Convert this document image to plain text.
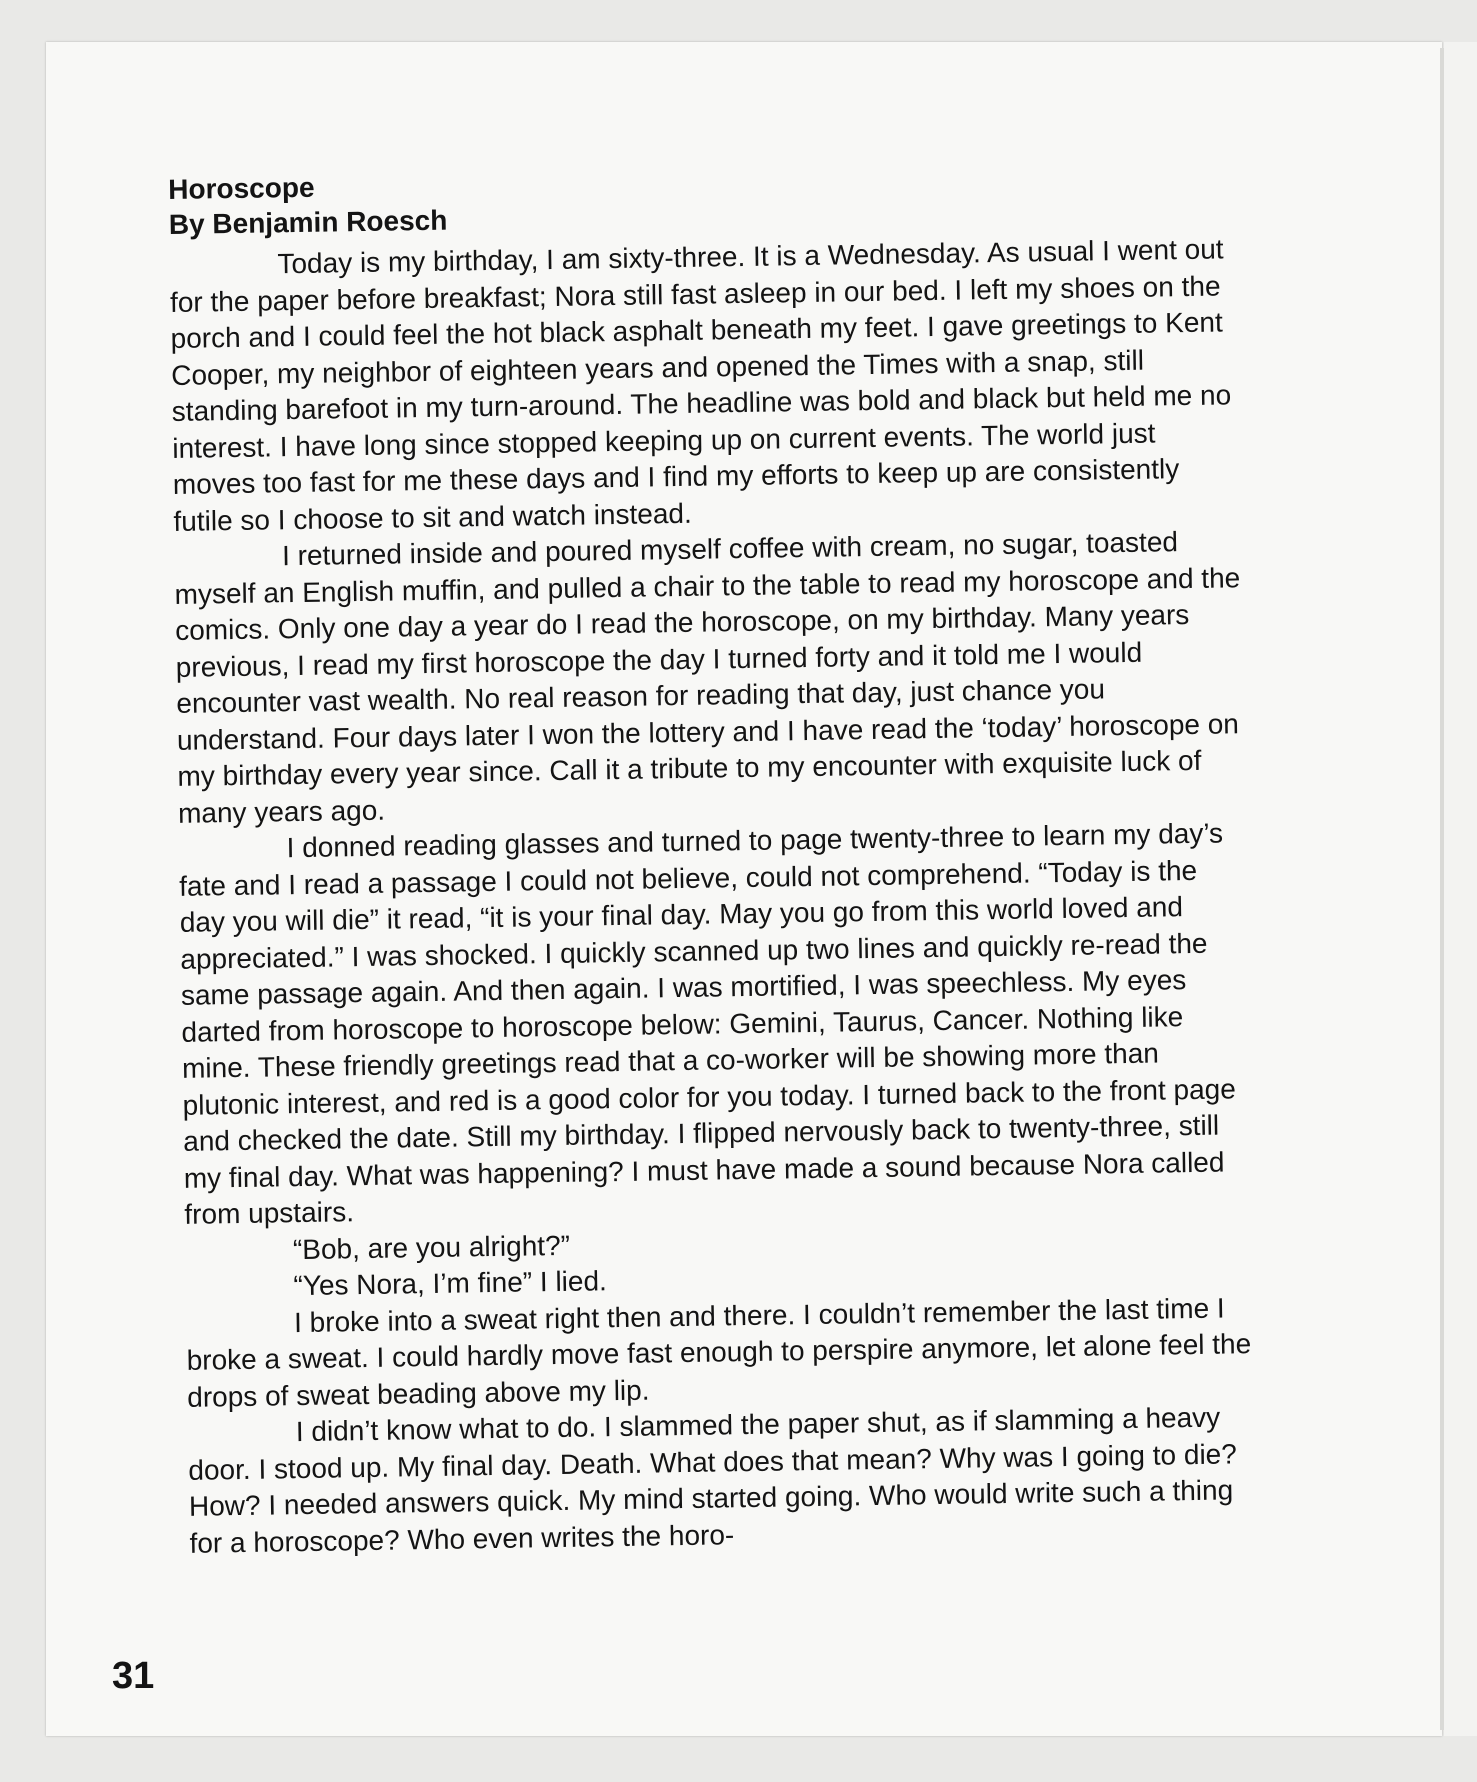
Horoscope
By Benjamin Roesch

Today is my birthday, I am sixty-three. It is a Wednesday. As usual I went out for the paper before breakfast; Nora still fast asleep in our bed. I left my shoes on the porch and I could feel the hot black asphalt beneath my feet. I gave greetings to Kent Cooper, my neighbor of eighteen years and opened the Times with a snap, still standing barefoot in my turn-around. The headline was bold and black but held me no interest. I have long since stopped keeping up on current events. The world just moves too fast for me these days and I find my efforts to keep up are consistently futile so I choose to sit and watch instead.

I returned inside and poured myself coffee with cream, no sugar, toasted myself an English muffin, and pulled a chair to the table to read my horoscope and the comics. Only one day a year do I read the horoscope, on my birthday. Many years previous, I read my first horoscope the day I turned forty and it told me I would encounter vast wealth. No real reason for reading that day, just chance you understand. Four days later I won the lottery and I have read the ‘today’ horoscope on my birthday every year since. Call it a tribute to my encounter with exquisite luck of many years ago.

I donned reading glasses and turned to page twenty-three to learn my day’s fate and I read a passage I could not believe, could not comprehend. “Today is the day you will die” it read, “it is your final day. May you go from this world loved and appreciated.” I was shocked. I quickly scanned up two lines and quickly re-read the same passage again. And then again. I was mortified, I was speechless. My eyes darted from horoscope to horoscope below: Gemini, Taurus, Cancer. Nothing like mine. These friendly greetings read that a co-worker will be showing more than plutonic interest, and red is a good color for you today. I turned back to the front page and checked the date. Still my birthday. I flipped nervously back to twenty-three, still my final day. What was happening? I must have made a sound because Nora called from upstairs.

“Bob, are you alright?”

“Yes Nora, I’m fine” I lied.

I broke into a sweat right then and there. I couldn’t remember the last time I broke a sweat. I could hardly move fast enough to perspire anymore, let alone feel the drops of sweat beading above my lip.

I didn’t know what to do. I slammed the paper shut, as if slamming a heavy door. I stood up. My final day. Death. What does that mean? Why was I going to die? How? I needed answers quick. My mind started going. Who would write such a thing for a horoscope? Who even writes the horo-

31
